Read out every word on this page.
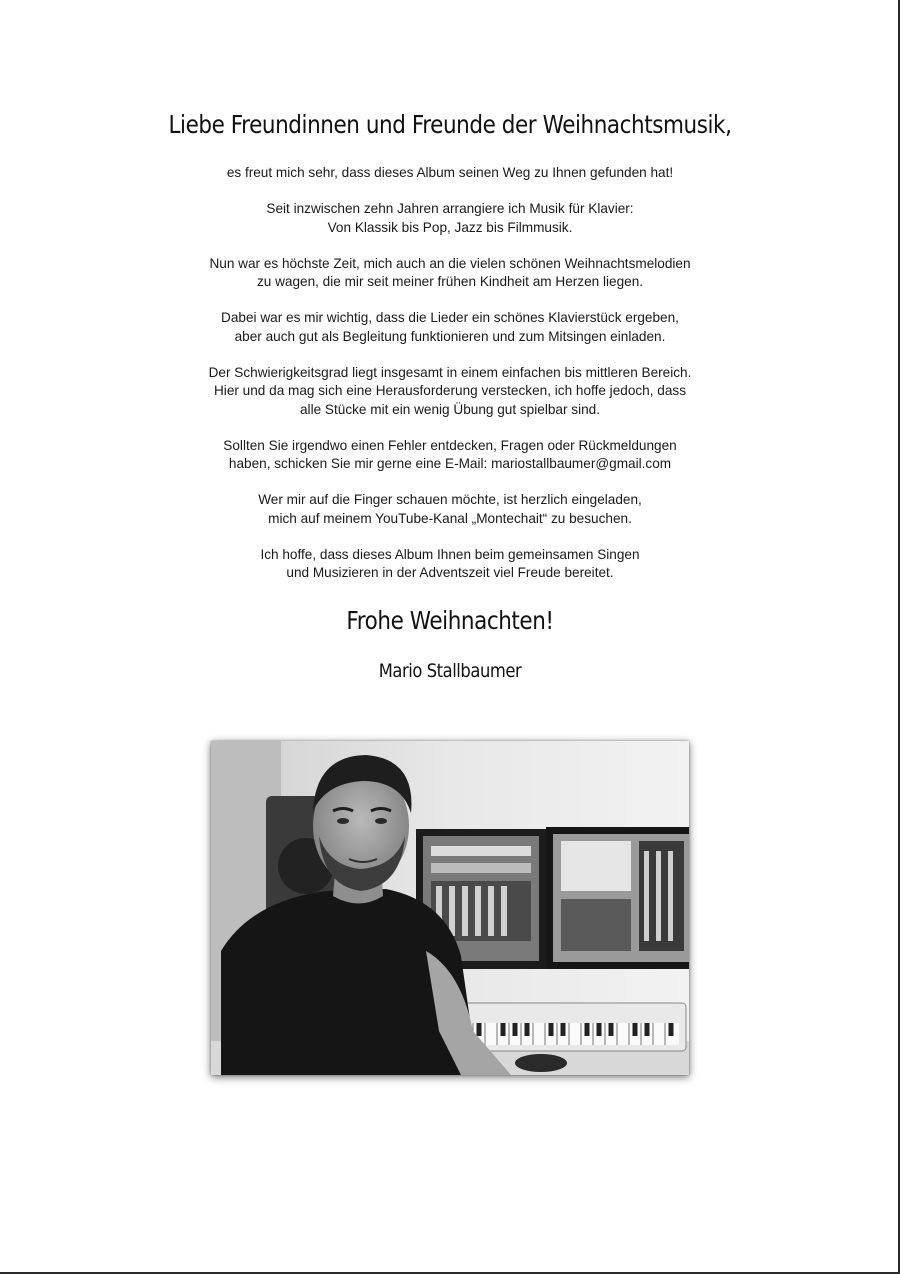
Liebe Freundinnen und Freunde der Weihnachtsmusik,

es freut mich sehr, dass dieses Album seinen Weg zu Ihnen gefunden hat!

Seit inzwischen zehn Jahren arrangiere ich Musik für Klavier:
Von Klassik bis Pop, Jazz bis Filmmusik.

Nun war es höchste Zeit, mich auch an die vielen schönen Weihnachtsmelodien
zu wagen, die mir seit meiner frühen Kindheit am Herzen liegen.

Dabei war es mir wichtig, dass die Lieder ein schönes Klavierstück ergeben,
aber auch gut als Begleitung funktionieren und zum Mitsingen einladen.

Der Schwierigkeitsgrad liegt insgesamt in einem einfachen bis mittleren Bereich.
Hier und da mag sich eine Herausforderung verstecken, ich hoffe jedoch, dass
alle Stücke mit ein wenig Übung gut spielbar sind.

Sollten Sie irgendwo einen Fehler entdecken, Fragen oder Rückmeldungen
haben, schicken Sie mir gerne eine E-Mail: mariostallbaumer@gmail.com

Wer mir auf die Finger schauen möchte, ist herzlich eingeladen,
mich auf meinem YouTube-Kanal „Montechait“ zu besuchen.

Ich hoffe, dass dieses Album Ihnen beim gemeinsamen Singen
und Musizieren in der Adventszeit viel Freude bereitet.

Frohe Weihnachten!
Mario Stallbaumer
